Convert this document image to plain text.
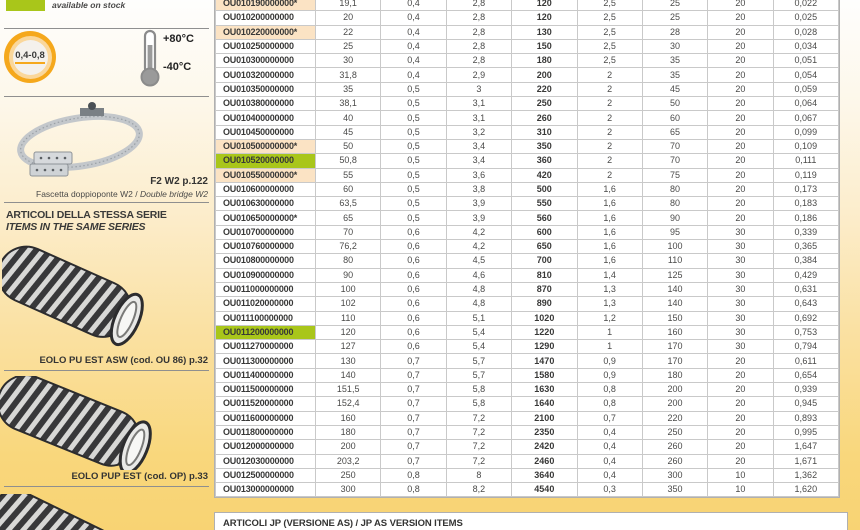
available on stock
0,4-0,8
+80°C
-40°C
F2 W2 p.122
Fascetta doppioponte W2 / Double bridge W2
ARTICOLI DELLA STESSA SERIE
ITEMS IN THE SAME SERIES
EOLO PU EST ASW (cod. OU 86) p.32
EOLO PUP EST (cod. OP) p.33
OU010190000000*	19,1	0,4	2,8	120	2,5	25	20	0,022
OU010200000000	20	0,4	2,8	120	2,5	25	20	0,025
OU010220000000*	22	0,4	2,8	130	2,5	28	20	0,028
OU010250000000	25	0,4	2,8	150	2,5	30	20	0,034
OU010300000000	30	0,4	2,8	180	2,5	35	20	0,051
OU010320000000	31,8	0,4	2,9	200	2	35	20	0,054
OU010350000000	35	0,5	3	220	2	45	20	0,059
OU010380000000	38,1	0,5	3,1	250	2	50	20	0,064
OU010400000000	40	0,5	3,1	260	2	60	20	0,067
OU010450000000	45	0,5	3,2	310	2	65	20	0,099
OU010500000000*	50	0,5	3,4	350	2	70	20	0,109
OU010520000000	50,8	0,5	3,4	360	2	70	20	0,111
OU010550000000*	55	0,5	3,6	420	2	75	20	0,119
OU010600000000	60	0,5	3,8	500	1,6	80	20	0,173
OU010630000000	63,5	0,5	3,9	550	1,6	80	20	0,183
OU010650000000*	65	0,5	3,9	560	1,6	90	20	0,186
OU010700000000	70	0,6	4,2	600	1,6	95	30	0,339
OU010760000000	76,2	0,6	4,2	650	1,6	100	30	0,365
OU010800000000	80	0,6	4,5	700	1,6	110	30	0,384
OU010900000000	90	0,6	4,6	810	1,4	125	30	0,429
OU011000000000	100	0,6	4,8	870	1,3	140	30	0,631
OU011020000000	102	0,6	4,8	890	1,3	140	30	0,643
OU011100000000	110	0,6	5,1	1020	1,2	150	30	0,692
OU011200000000	120	0,6	5,4	1220	1	160	30	0,753
OU011270000000	127	0,6	5,4	1290	1	170	30	0,794
OU011300000000	130	0,7	5,7	1470	0,9	170	20	0,611
OU011400000000	140	0,7	5,7	1580	0,9	180	20	0,654
OU011500000000	151,5	0,7	5,8	1630	0,8	200	20	0,939
OU011520000000	152,4	0,7	5,8	1640	0,8	200	20	0,945
OU011600000000	160	0,7	7,2	2100	0,7	220	20	0,893
OU011800000000	180	0,7	7,2	2350	0,4	250	20	0,995
OU012000000000	200	0,7	7,2	2420	0,4	260	20	1,647
OU012030000000	203,2	0,7	7,2	2460	0,4	260	20	1,671
OU012500000000	250	0,8	8	3640	0,4	300	10	1,362
OU013000000000	300	0,8	8,2	4540	0,3	350	10	1,620
ARTICOLI JP (VERSIONE AS) / JP AS VERSION ITEMS
